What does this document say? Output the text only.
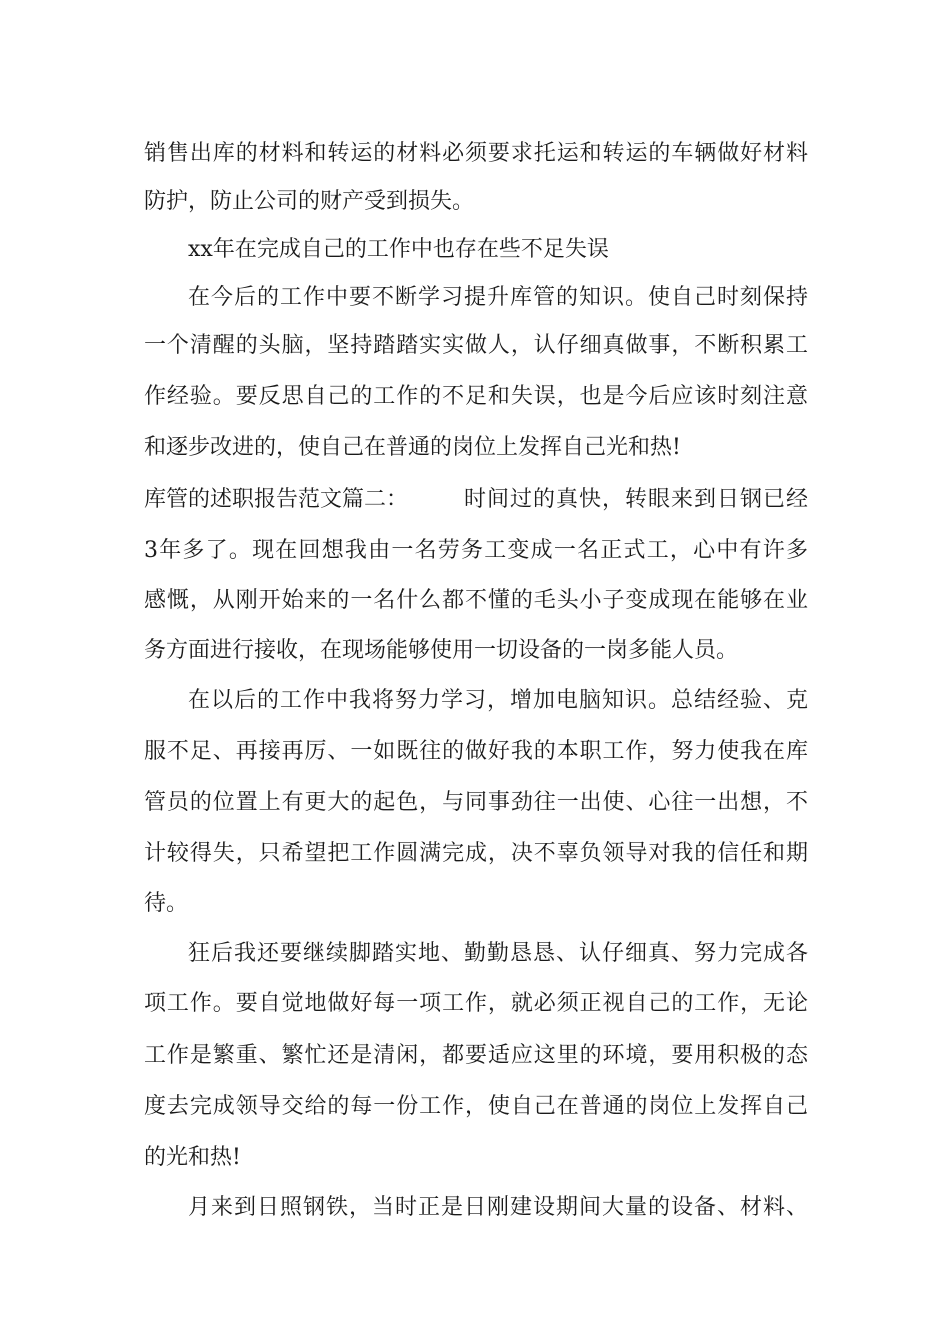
销售出库的材料和转运的材料必须要求托运和转运的车辆做好材料
防护，防止公司的财产受到损失。
xx年在完成自己的工作中也存在些不足失误
在今后的工作中要不断学习提升库管的知识。使自己时刻保持
一个清醒的头脑，坚持踏踏实实做人，认仔细真做事，不断积累工
作经验。要反思自己的工作的不足和失误，也是今后应该时刻注意
和逐步改进的，使自己在普通的岗位上发挥自己光和热!
库管的述职报告范文篇二：	时间过的真快，转眼来到日钢已经
3年多了。现在回想我由一名劳务工变成一名正式工，心中有许多
感慨，从刚开始来的一名什么都不懂的毛头小子变成现在能够在业
务方面进行接收，在现场能够使用一切设备的一岗多能人员。
在以后的工作中我将努力学习，增加电脑知识。总结经验、克
服不足、再接再厉、一如既往的做好我的本职工作，努力使我在库
管员的位置上有更大的起色，与同事劲往一出使、心往一出想，不
计较得失，只希望把工作圆满完成，决不辜负领导对我的信任和期
待。
狂后我还要继续脚踏实地、勤勤恳恳、认仔细真、努力完成各
项工作。要自觉地做好每一项工作，就必须正视自己的工作，无论
工作是繁重、繁忙还是清闲，都要适应这里的环境，要用积极的态
度去完成领导交给的每一份工作，使自己在普通的岗位上发挥自己
的光和热!
月来到日照钢铁，当时正是日刚建设期间大量的设备、材料、
